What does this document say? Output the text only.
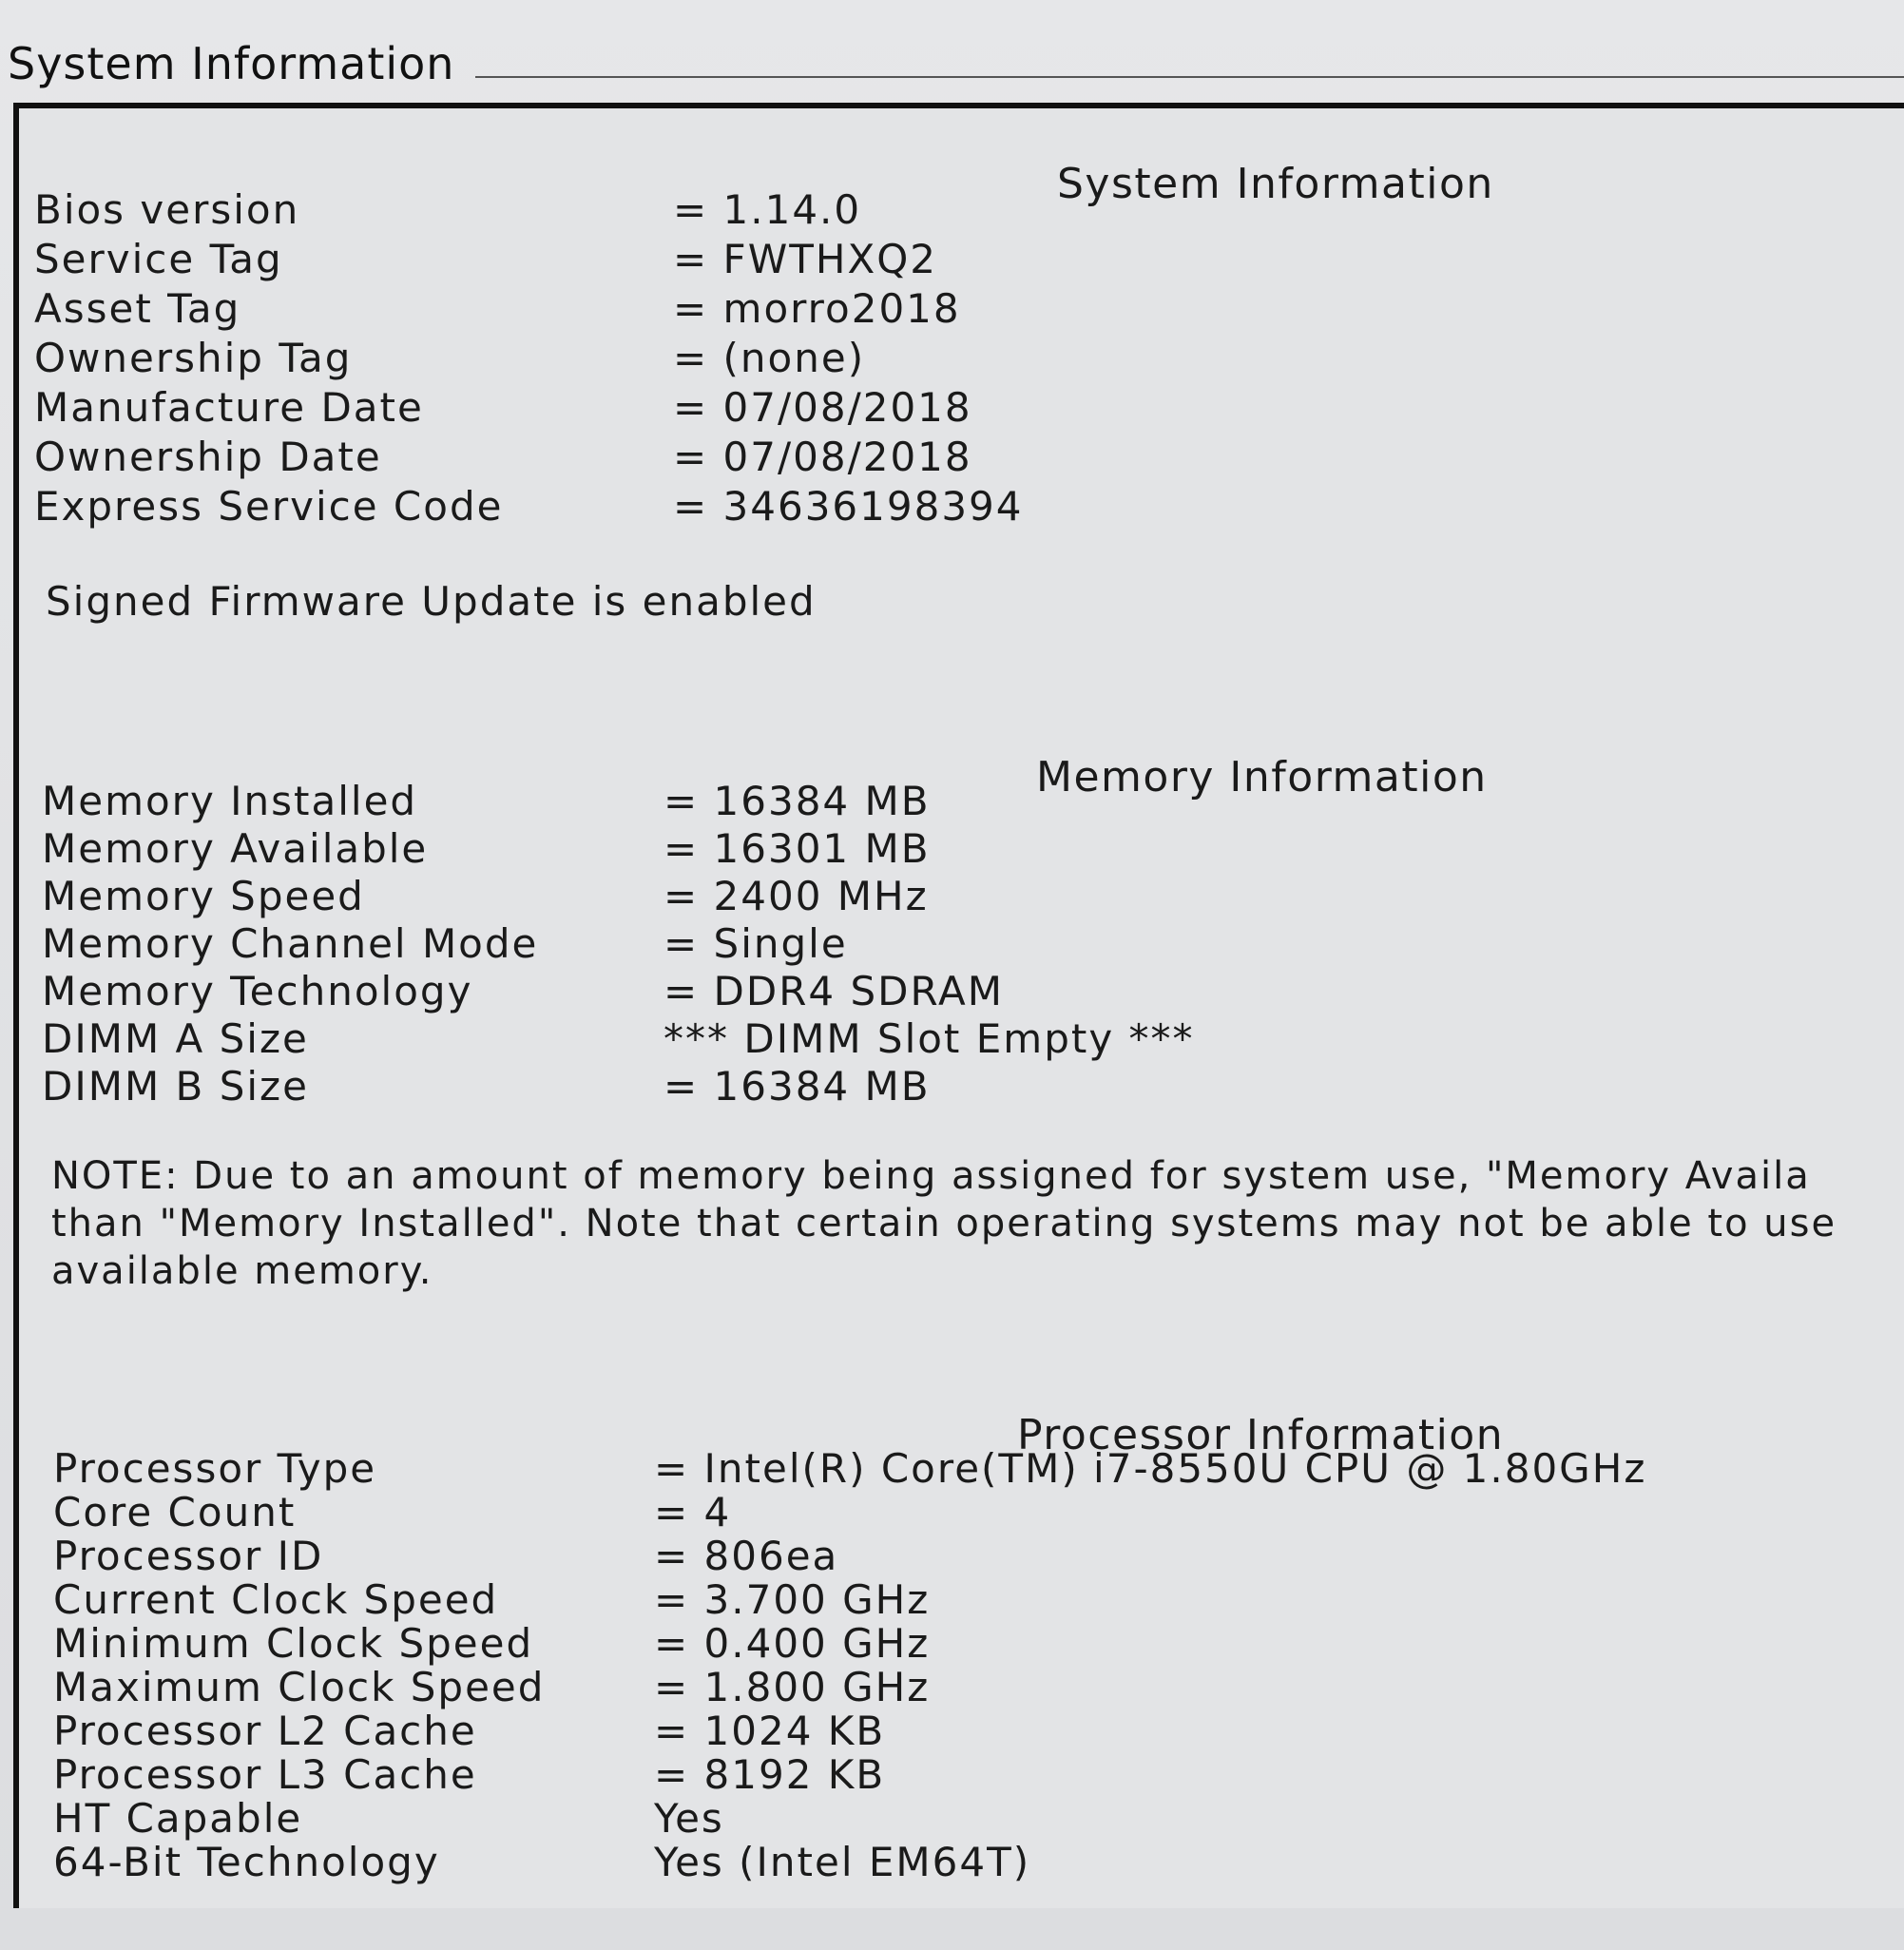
System Information
System Information
Bios version	= 1.14.0
Service Tag	= FWTHXQ2
Asset Tag	= morro2018
Ownership Tag	= (none)
Manufacture Date	= 07/08/2018
Ownership Date	= 07/08/2018
Express Service Code	= 34636198394
Signed Firmware Update is enabled
Memory Information
Memory Installed	= 16384 MB
Memory Available	= 16301 MB
Memory Speed	= 2400 MHz
Memory Channel Mode	= Single
Memory Technology	= DDR4 SDRAM
DIMM A Size	*** DIMM Slot Empty ***
DIMM B Size	= 16384 MB
NOTE: Due to an amount of memory being assigned for system use, "Memory Availa
than "Memory Installed". Note that certain operating systems may not be able to use
available memory.
Processor Information
Processor Type	= Intel(R) Core(TM) i7-8550U CPU @ 1.80GHz
Core Count	= 4
Processor ID	= 806ea
Current Clock Speed	= 3.700 GHz
Minimum Clock Speed	= 0.400 GHz
Maximum Clock Speed	= 1.800 GHz
Processor L2 Cache	= 1024 KB
Processor L3 Cache	= 8192 KB
HT Capable	Yes
64-Bit Technology	Yes (Intel EM64T)
